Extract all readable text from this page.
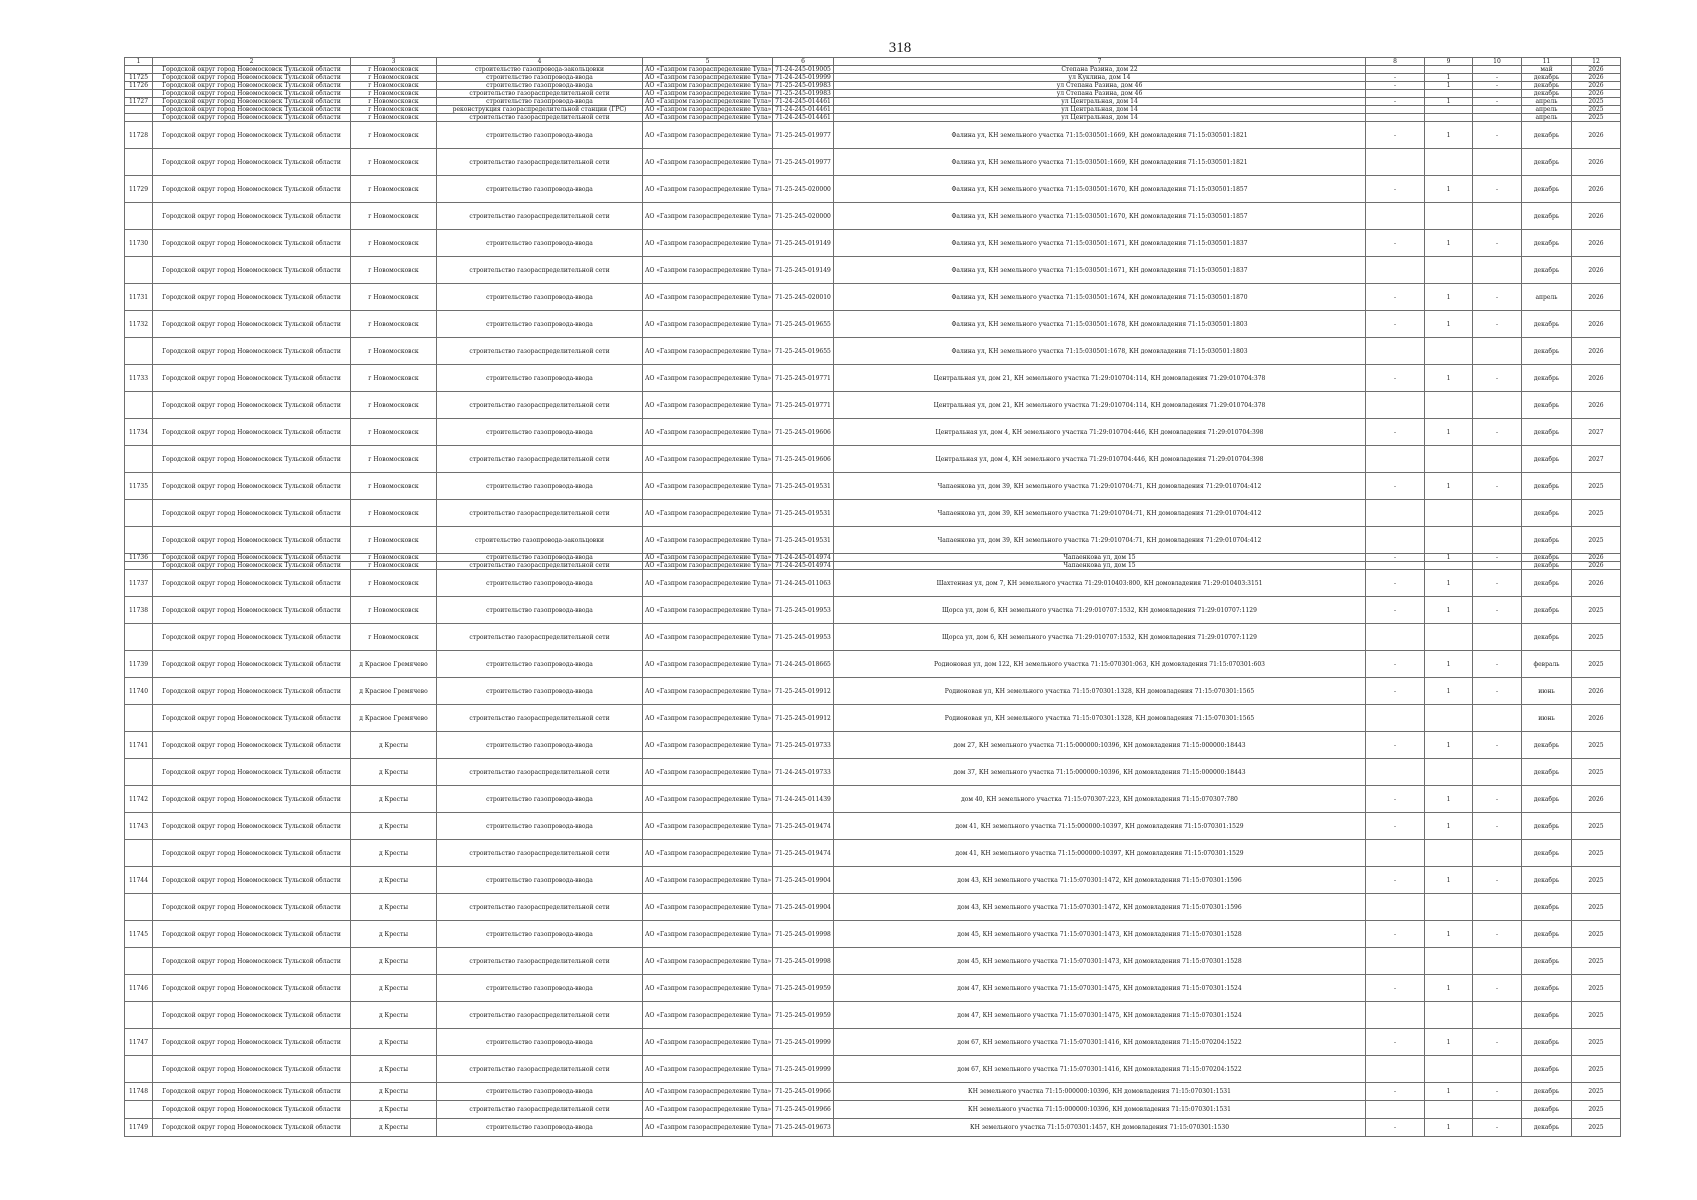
318
1	2	3	4	5	6	7	8	9	10	11	12
	Городской округ город Новомосковск Тульской области	г Новомосковск	строительство газопровода-закольцовки	АО «Газпром газораспределение Тула»	71-24-245-019005	Степана Разина, дом 22				май	2026
11725	Городской округ город Новомосковск Тульской области	г Новомосковск	строительство газопровода-ввода	АО «Газпром газораспределение Тула»	71-24-245-019999	ул Куклина, дом 14	-	1	-	декабрь	2026
11726	Городской округ город Новомосковск Тульской области	г Новомосковск	строительство газопровода-ввода	АО «Газпром газораспределение Тула»	71-25-245-019983	ул Степана Разина, дом 46	-	1	-	декабрь	2026
	Городской округ город Новомосковск Тульской области	г Новомосковск	строительство газораспределительной сети	АО «Газпром газораспределение Тула»	71-25-245-019983	ул Степана Разина, дом 46				декабрь	2026
11727	Городской округ город Новомосковск Тульской области	г Новомосковск	строительство газопровода-ввода	АО «Газпром газораспределение Тула»	71-24-245-014461	ул Центральная, дом 14	-	1	-	апрель	2025
	Городской округ город Новомосковск Тульской области	г Новомосковск	реконструкция газораспределительной станции (ГРС)	АО «Газпром газораспределение Тула»	71-24-245-014461	ул Центральная, дом 14				апрель	2025
	Городской округ город Новомосковск Тульской области	г Новомосковск	строительство газораспределительной сети	АО «Газпром газораспределение Тула»	71-24-245-014461	ул Центральная, дом 14				апрель	2025
11728	Городской округ город Новомосковск Тульской области	г Новомосковск	строительство газопровода-ввода	АО «Газпром газораспределение Тула»	71-25-245-019977	Фалина ул, КН земельного участка 71:15:030501:1669, КН домовладения 71:15:030501:1821	-	1	-	декабрь	2026
	Городской округ город Новомосковск Тульской области	г Новомосковск	строительство газораспределительной сети	АО «Газпром газораспределение Тула»	71-25-245-019977	Фалина ул, КН земельного участка 71:15:030501:1669, КН домовладения 71:15:030501:1821				декабрь	2026
11729	Городской округ город Новомосковск Тульской области	г Новомосковск	строительство газопровода-ввода	АО «Газпром газораспределение Тула»	71-25-245-020000	Фалина ул, КН земельного участка 71:15:030501:1670, КН домовладения 71:15:030501:1857	-	1	-	декабрь	2026
	Городской округ город Новомосковск Тульской области	г Новомосковск	строительство газораспределительной сети	АО «Газпром газораспределение Тула»	71-25-245-020000	Фалина ул, КН земельного участка 71:15:030501:1670, КН домовладения 71:15:030501:1857				декабрь	2026
11730	Городской округ город Новомосковск Тульской области	г Новомосковск	строительство газопровода-ввода	АО «Газпром газораспределение Тула»	71-25-245-019149	Фалина ул, КН земельного участка 71:15:030501:1671, КН домовладения 71:15:030501:1837	-	1	-	декабрь	2026
	Городской округ город Новомосковск Тульской области	г Новомосковск	строительство газораспределительной сети	АО «Газпром газораспределение Тула»	71-25-245-019149	Фалина ул, КН земельного участка 71:15:030501:1671, КН домовладения 71:15:030501:1837				декабрь	2026
11731	Городской округ город Новомосковск Тульской области	г Новомосковск	строительство газопровода-ввода	АО «Газпром газораспределение Тула»	71-25-245-020010	Фалина ул, КН земельного участка 71:15:030501:1674, КН домовладения 71:15:030501:1870	-	1	-	апрель	2026
11732	Городской округ город Новомосковск Тульской области	г Новомосковск	строительство газопровода-ввода	АО «Газпром газораспределение Тула»	71-25-245-019655	Фалина ул, КН земельного участка 71:15:030501:1678, КН домовладения 71:15:030501:1803	-	1	-	декабрь	2026
	Городской округ город Новомосковск Тульской области	г Новомосковск	строительство газораспределительной сети	АО «Газпром газораспределение Тула»	71-25-245-019655	Фалина ул, КН земельного участка 71:15:030501:1678, КН домовладения 71:15:030501:1803				декабрь	2026
11733	Городской округ город Новомосковск Тульской области	г Новомосковск	строительство газопровода-ввода	АО «Газпром газораспределение Тула»	71-25-245-019771	Центральная ул, дом 21, КН земельного участка 71:29:010704:114, КН домовладения 71:29:010704:378	-	1	-	декабрь	2026
	Городской округ город Новомосковск Тульской области	г Новомосковск	строительство газораспределительной сети	АО «Газпром газораспределение Тула»	71-25-245-019771	Центральная ул, дом 21, КН земельного участка 71:29:010704:114, КН домовладения 71:29:010704:378				декабрь	2026
11734	Городской округ город Новомосковск Тульской области	г Новомосковск	строительство газопровода-ввода	АО «Газпром газораспределение Тула»	71-25-245-019606	Центральная ул, дом 4, КН земельного участка 71:29:010704:446, КН домовладения 71:29:010704:398	-	1	-	декабрь	2027
	Городской округ город Новомосковск Тульской области	г Новомосковск	строительство газораспределительной сети	АО «Газпром газораспределение Тула»	71-25-245-019606	Центральная ул, дом 4, КН земельного участка 71:29:010704:446, КН домовладения 71:29:010704:398				декабрь	2027
11735	Городской округ город Новомосковск Тульской области	г Новомосковск	строительство газопровода-ввода	АО «Газпром газораспределение Тула»	71-25-245-019531	Чапаенкова ул, дом 39, КН земельного участка 71:29:010704:71, КН домовладения 71:29:010704:412	-	1	-	декабрь	2025
	Городской округ город Новомосковск Тульской области	г Новомосковск	строительство газораспределительной сети	АО «Газпром газораспределение Тула»	71-25-245-019531	Чапаенкова ул, дом 39, КН земельного участка 71:29:010704:71, КН домовладения 71:29:010704:412				декабрь	2025
	Городской округ город Новомосковск Тульской области	г Новомосковск	строительство газопровода-закольцовки	АО «Газпром газораспределение Тула»	71-25-245-019531	Чапаенкова ул, дом 39, КН земельного участка 71:29:010704:71, КН домовладения 71:29:010704:412				декабрь	2025
11736	Городской округ город Новомосковск Тульской области	г Новомосковск	строительство газопровода-ввода	АО «Газпром газораспределение Тула»	71-24-245-014974	Чапаенкова ул, дом 15	-	1	-	декабрь	2026
	Городской округ город Новомосковск Тульской области	г Новомосковск	строительство газораспределительной сети	АО «Газпром газораспределение Тула»	71-24-245-014974	Чапаенкова ул, дом 15				декабрь	2026
11737	Городской округ город Новомосковск Тульской области	г Новомосковск	строительство газопровода-ввода	АО «Газпром газораспределение Тула»	71-24-245-011063	Шахтенная ул, дом 7, КН земельного участка 71:29:010403:800, КН домовладения 71:29:010403:3151	-	1	-	декабрь	2026
11738	Городской округ город Новомосковск Тульской области	г Новомосковск	строительство газопровода-ввода	АО «Газпром газораспределение Тула»	71-25-245-019953	Щорса ул, дом 6, КН земельного участка 71:29:010707:1532, КН домовладения 71:29:010707:1129	-	1	-	декабрь	2025
	Городской округ город Новомосковск Тульской области	г Новомосковск	строительство газораспределительной сети	АО «Газпром газораспределение Тула»	71-25-245-019953	Щорса ул, дом 6, КН земельного участка 71:29:010707:1532, КН домовладения 71:29:010707:1129				декабрь	2025
11739	Городской округ город Новомосковск Тульской области	д Красное Гремячево	строительство газопровода-ввода	АО «Газпром газораспределение Тула»	71-24-245-018665	Родионовая ул, дом 122, КН земельного участка 71:15:070301:063, КН домовладения 71:15:070301:603	-	1	-	февраль	2025
11740	Городской округ город Новомосковск Тульской области	д Красное Гремячево	строительство газопровода-ввода	АО «Газпром газораспределение Тула»	71-25-245-019912	Родионовая ул, КН земельного участка 71:15:070301:1328, КН домовладения 71:15:070301:1565	-	1	-	июнь	2026
	Городской округ город Новомосковск Тульской области	д Красное Гремячево	строительство газораспределительной сети	АО «Газпром газораспределение Тула»	71-25-245-019912	Родионовая ул, КН земельного участка 71:15:070301:1328, КН домовладения 71:15:070301:1565				июнь	2026
11741	Городской округ город Новомосковск Тульской области	д Кресты	строительство газопровода-ввода	АО «Газпром газораспределение Тула»	71-25-245-019733	дом 27, КН земельного участка 71:15:000000:10396, КН домовладения 71:15:000000:18443	-	1	-	декабрь	2025
	Городской округ город Новомосковск Тульской области	д Кресты	строительство газораспределительной сети	АО «Газпром газораспределение Тула»	71-24-245-019733	дом 37, КН земельного участка 71:15:000000:10396, КН домовладения 71:15:000000:18443				декабрь	2025
11742	Городской округ город Новомосковск Тульской области	д Кресты	строительство газопровода-ввода	АО «Газпром газораспределение Тула»	71-24-245-011439	дом 40, КН земельного участка 71:15:070307:223, КН домовладения 71:15:070307:780	-	1	-	декабрь	2026
11743	Городской округ город Новомосковск Тульской области	д Кресты	строительство газопровода-ввода	АО «Газпром газораспределение Тула»	71-25-245-019474	дом 41, КН земельного участка 71:15:000000:10397, КН домовладения 71:15:070301:1529	-	1	-	декабрь	2025
	Городской округ город Новомосковск Тульской области	д Кресты	строительство газораспределительной сети	АО «Газпром газораспределение Тула»	71-25-245-019474	дом 41, КН земельного участка 71:15:000000:10397, КН домовладения 71:15:070301:1529				декабрь	2025
11744	Городской округ город Новомосковск Тульской области	д Кресты	строительство газопровода-ввода	АО «Газпром газораспределение Тула»	71-25-245-019904	дом 43, КН земельного участка 71:15:070301:1472, КН домовладения 71:15:070301:1596	-	1	-	декабрь	2025
	Городской округ город Новомосковск Тульской области	д Кресты	строительство газораспределительной сети	АО «Газпром газораспределение Тула»	71-25-245-019904	дом 43, КН земельного участка 71:15:070301:1472, КН домовладения 71:15:070301:1596				декабрь	2025
11745	Городской округ город Новомосковск Тульской области	д Кресты	строительство газопровода-ввода	АО «Газпром газораспределение Тула»	71-25-245-019998	дом 45, КН земельного участка 71:15:070301:1473, КН домовладения 71:15:070301:1528	-	1	-	декабрь	2025
	Городской округ город Новомосковск Тульской области	д Кресты	строительство газораспределительной сети	АО «Газпром газораспределение Тула»	71-25-245-019998	дом 45, КН земельного участка 71:15:070301:1473, КН домовладения 71:15:070301:1528				декабрь	2025
11746	Городской округ город Новомосковск Тульской области	д Кресты	строительство газопровода-ввода	АО «Газпром газораспределение Тула»	71-25-245-019959	дом 47, КН земельного участка 71:15:070301:1475, КН домовладения 71:15:070301:1524	-	1	-	декабрь	2025
	Городской округ город Новомосковск Тульской области	д Кресты	строительство газораспределительной сети	АО «Газпром газораспределение Тула»	71-25-245-019959	дом 47, КН земельного участка 71:15:070301:1475, КН домовладения 71:15:070301:1524				декабрь	2025
11747	Городской округ город Новомосковск Тульской области	д Кресты	строительство газопровода-ввода	АО «Газпром газораспределение Тула»	71-25-245-019999	дом 67, КН земельного участка 71:15:070301:1416, КН домовладения 71:15:070204:1522	-	1	-	декабрь	2025
	Городской округ город Новомосковск Тульской области	д Кресты	строительство газораспределительной сети	АО «Газпром газораспределение Тула»	71-25-245-019999	дом 67, КН земельного участка 71:15:070301:1416, КН домовладения 71:15:070204:1522				декабрь	2025
11748	Городской округ город Новомосковск Тульской области	д Кресты	строительство газопровода-ввода	АО «Газпром газораспределение Тула»	71-25-245-019966	КН земельного участка 71:15:000000:10396, КН домовладения 71:15:070301:1531	-	1	-	декабрь	2025
	Городской округ город Новомосковск Тульской области	д Кресты	строительство газораспределительной сети	АО «Газпром газораспределение Тула»	71-25-245-019966	КН земельного участка 71:15:000000:10396, КН домовладения 71:15:070301:1531				декабрь	2025
11749	Городской округ город Новомосковск Тульской области	д Кресты	строительство газопровода-ввода	АО «Газпром газораспределение Тула»	71-25-245-019673	КН земельного участка 71:15:070301:1457, КН домовладения 71:15:070301:1530	-	1	-	декабрь	2025
